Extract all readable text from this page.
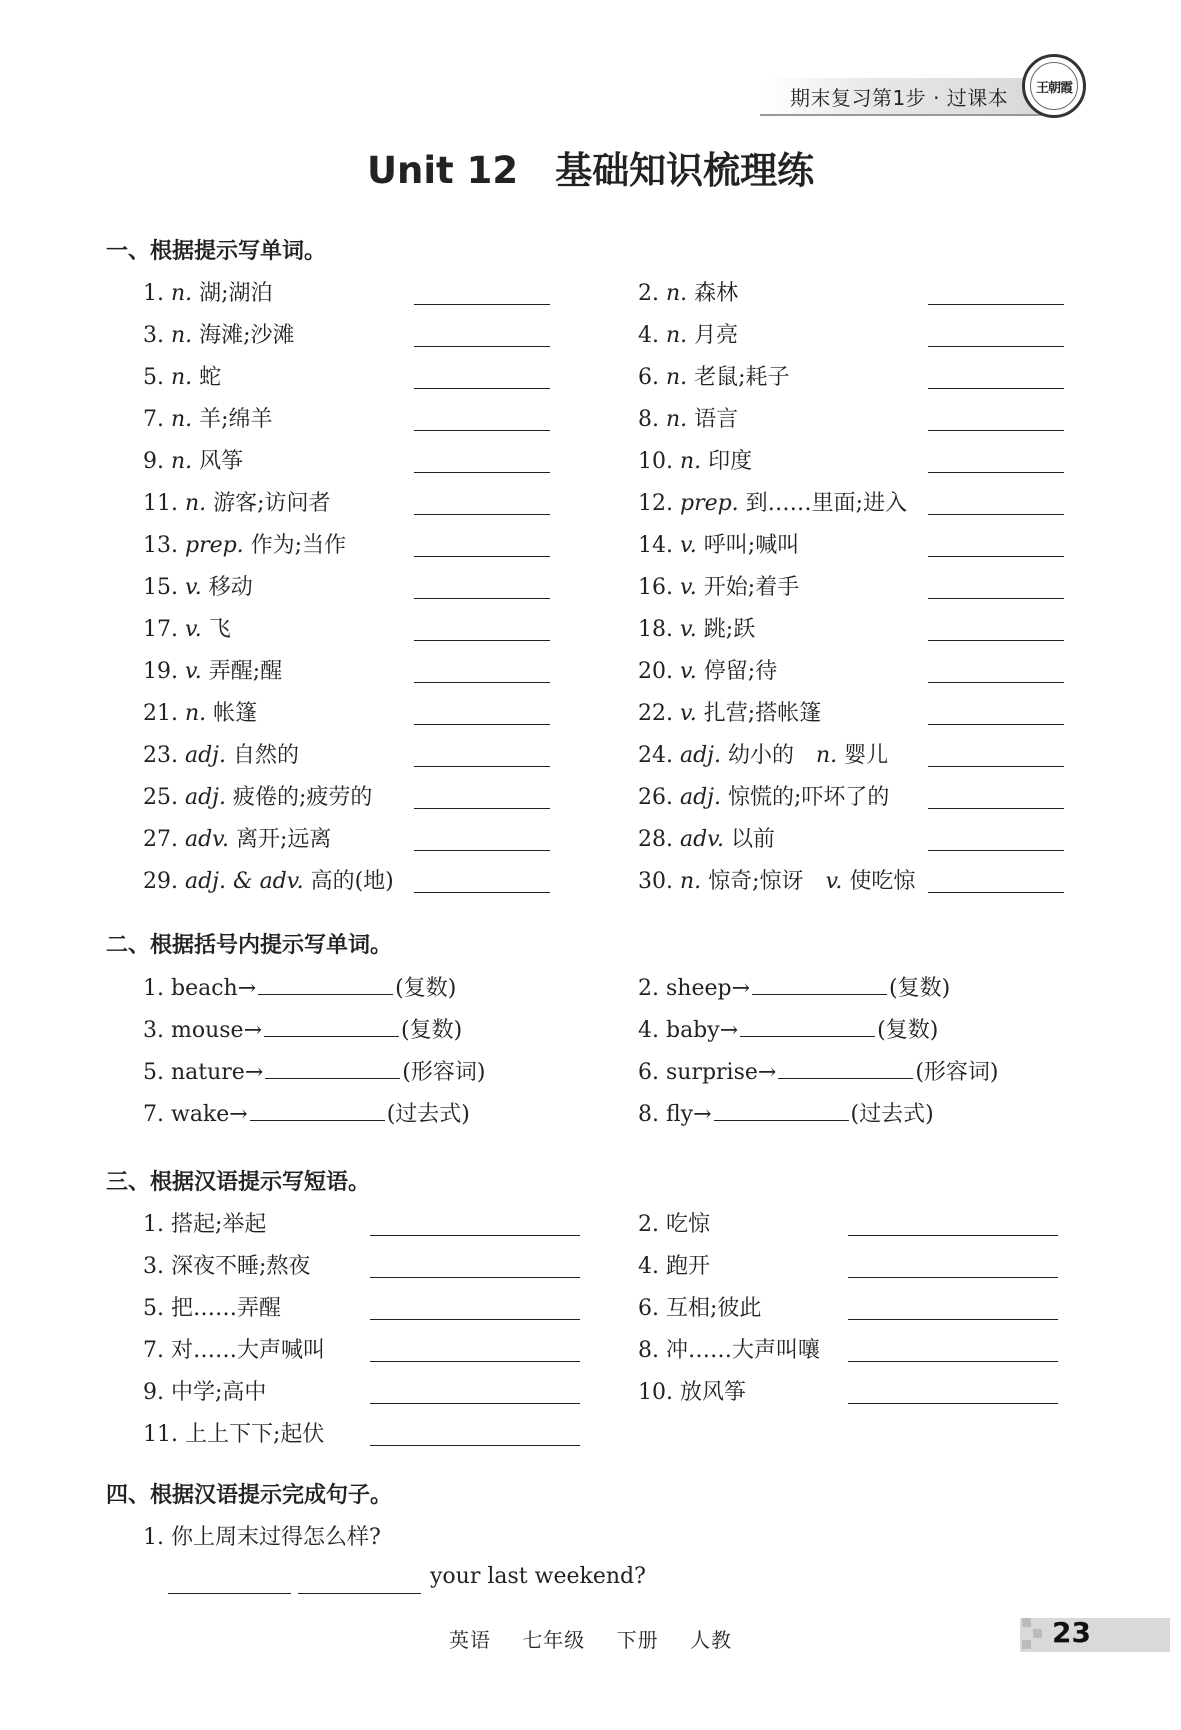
期末复习第1步 · 过课本 王朝霞
Unit 12　基础知识梳理练
一、根据提示写单词。
1. n. 湖;湖泊	2. n. 森林
3. n. 海滩;沙滩	4. n. 月亮
5. n. 蛇	6. n. 老鼠;耗子
7. n. 羊;绵羊	8. n. 语言
9. n. 风筝	10. n. 印度
11. n. 游客;访问者	12. prep. 到……里面;进入
13. prep. 作为;当作	14. v. 呼叫;喊叫
15. v. 移动	16. v. 开始;着手
17. v. 飞	18. v. 跳;跃
19. v. 弄醒;醒	20. v. 停留;待
21. n. 帐篷	22. v. 扎营;搭帐篷
23. adj. 自然的	24. adj. 幼小的　n. 婴儿
25. adj. 疲倦的;疲劳的	26. adj. 惊慌的;吓坏了的
27. adv. 离开;远离	28. adv. 以前
29. adj. & adv. 高的(地)	30. n. 惊奇;惊讶　v. 使吃惊
二、根据括号内提示写单词。
1. beach→	(复数)	2. sheep→	(复数)
3. mouse→	(复数)	4. baby→	(复数)
5. nature→	(形容词)	6. surprise→	(形容词)
7. wake→	(过去式)	8. fly→	(过去式)
三、根据汉语提示写短语。
1. 搭起;举起	2. 吃惊
3. 深夜不睡;熬夜	4. 跑开
5. 把……弄醒	6. 互相;彼此
7. 对……大声喊叫	8. 冲……大声叫嚷
9. 中学;高中	10. 放风筝
11. 上上下下;起伏
四、根据汉语提示完成句子。
1. 你上周末过得怎么样?
your last weekend?
英语 七年级 下册 人教	23
